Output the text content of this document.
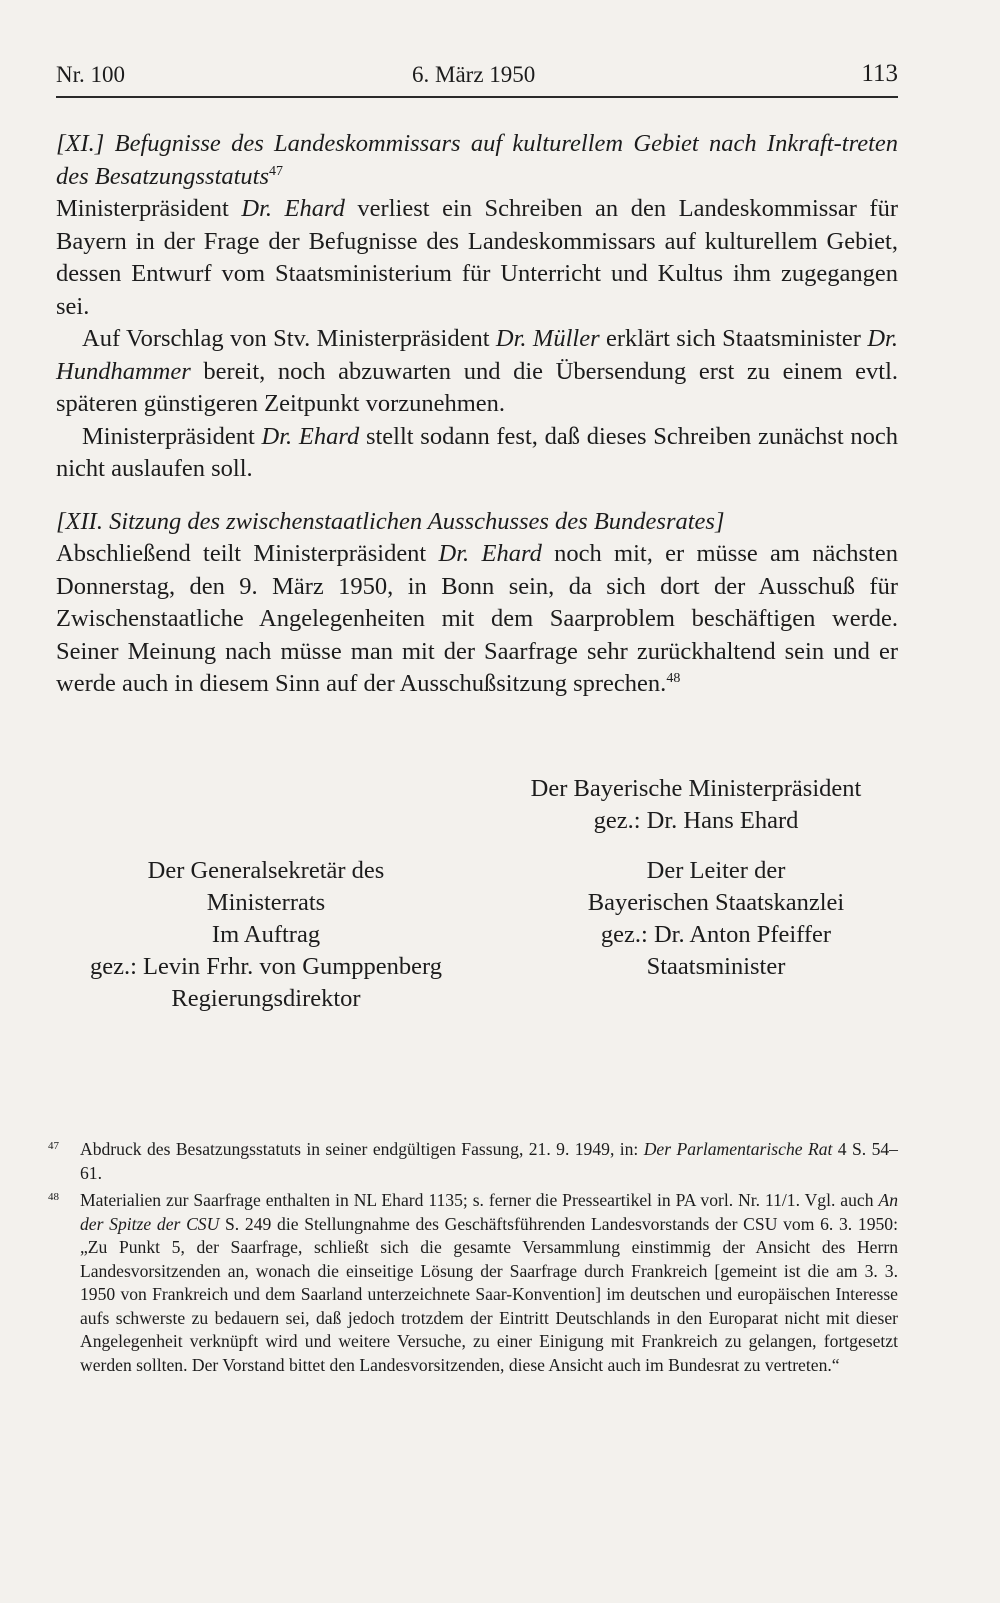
Nr. 100	6. März 1950	113

[XI.] Befugnisse des Landeskommissars auf kulturellem Gebiet nach Inkraft-treten des Besatzungsstatuts$^{47}$

Ministerpräsident Dr. Ehard verliest ein Schreiben an den Landeskommissar für Bayern in der Frage der Befugnisse des Landeskommissars auf kulturellem Gebiet, dessen Entwurf vom Staatsministerium für Unterricht und Kultus ihm zugegangen sei.

Auf Vorschlag von Stv. Ministerpräsident Dr. Müller erklärt sich Staatsminister Dr. Hundhammer bereit, noch abzuwarten und die Übersendung erst zu einem evtl. späteren günstigeren Zeitpunkt vorzunehmen.

Ministerpräsident Dr. Ehard stellt sodann fest, daß dieses Schreiben zunächst noch nicht auslaufen soll.

[XII. Sitzung des zwischenstaatlichen Ausschusses des Bundesrates]

Abschließend teilt Ministerpräsident Dr. Ehard noch mit, er müsse am nächsten Donnerstag, den 9. März 1950, in Bonn sein, da sich dort der Ausschuß für Zwischenstaatliche Angelegenheiten mit dem Saarproblem beschäftigen werde. Seiner Meinung nach müsse man mit der Saarfrage sehr zurückhaltend sein und er werde auch in diesem Sinn auf der Ausschußsitzung sprechen.$^{48}$

Der Bayerische Ministerpräsident
gez.: Dr. Hans Ehard
Der Generalsekretär des
Ministerrats
Im Auftrag
gez.: Levin Frhr. von Gumppenberg
Regierungsdirektor
Der Leiter der
Bayerischen Staatskanzlei
gez.: Dr. Anton Pfeiffer
Staatsminister
47 Abdruck des Besatzungsstatuts in seiner endgültigen Fassung, 21. 9. 1949, in: Der Parlamentarische Rat 4 S. 54–61.
48 Materialien zur Saarfrage enthalten in NL Ehard 1135; s. ferner die Presseartikel in PA vorl. Nr. 11/1. Vgl. auch An der Spitze der CSU S. 249 die Stellungnahme des Geschäftsführenden Landesvorstands der CSU vom 6. 3. 1950: „Zu Punkt 5, der Saarfrage, schließt sich die gesamte Versammlung einstimmig der Ansicht des Herrn Landesvorsitzenden an, wonach die einseitige Lösung der Saarfrage durch Frankreich [gemeint ist die am 3. 3. 1950 von Frankreich und dem Saarland unterzeichnete Saar-Konvention] im deutschen und europäischen Interesse aufs schwerste zu bedauern sei, daß jedoch trotzdem der Eintritt Deutschlands in den Europarat nicht mit dieser Angelegenheit verknüpft wird und weitere Versuche, zu einer Einigung mit Frankreich zu gelangen, fortgesetzt werden sollten. Der Vorstand bittet den Landesvorsitzenden, diese Ansicht auch im Bundesrat zu vertreten.“
